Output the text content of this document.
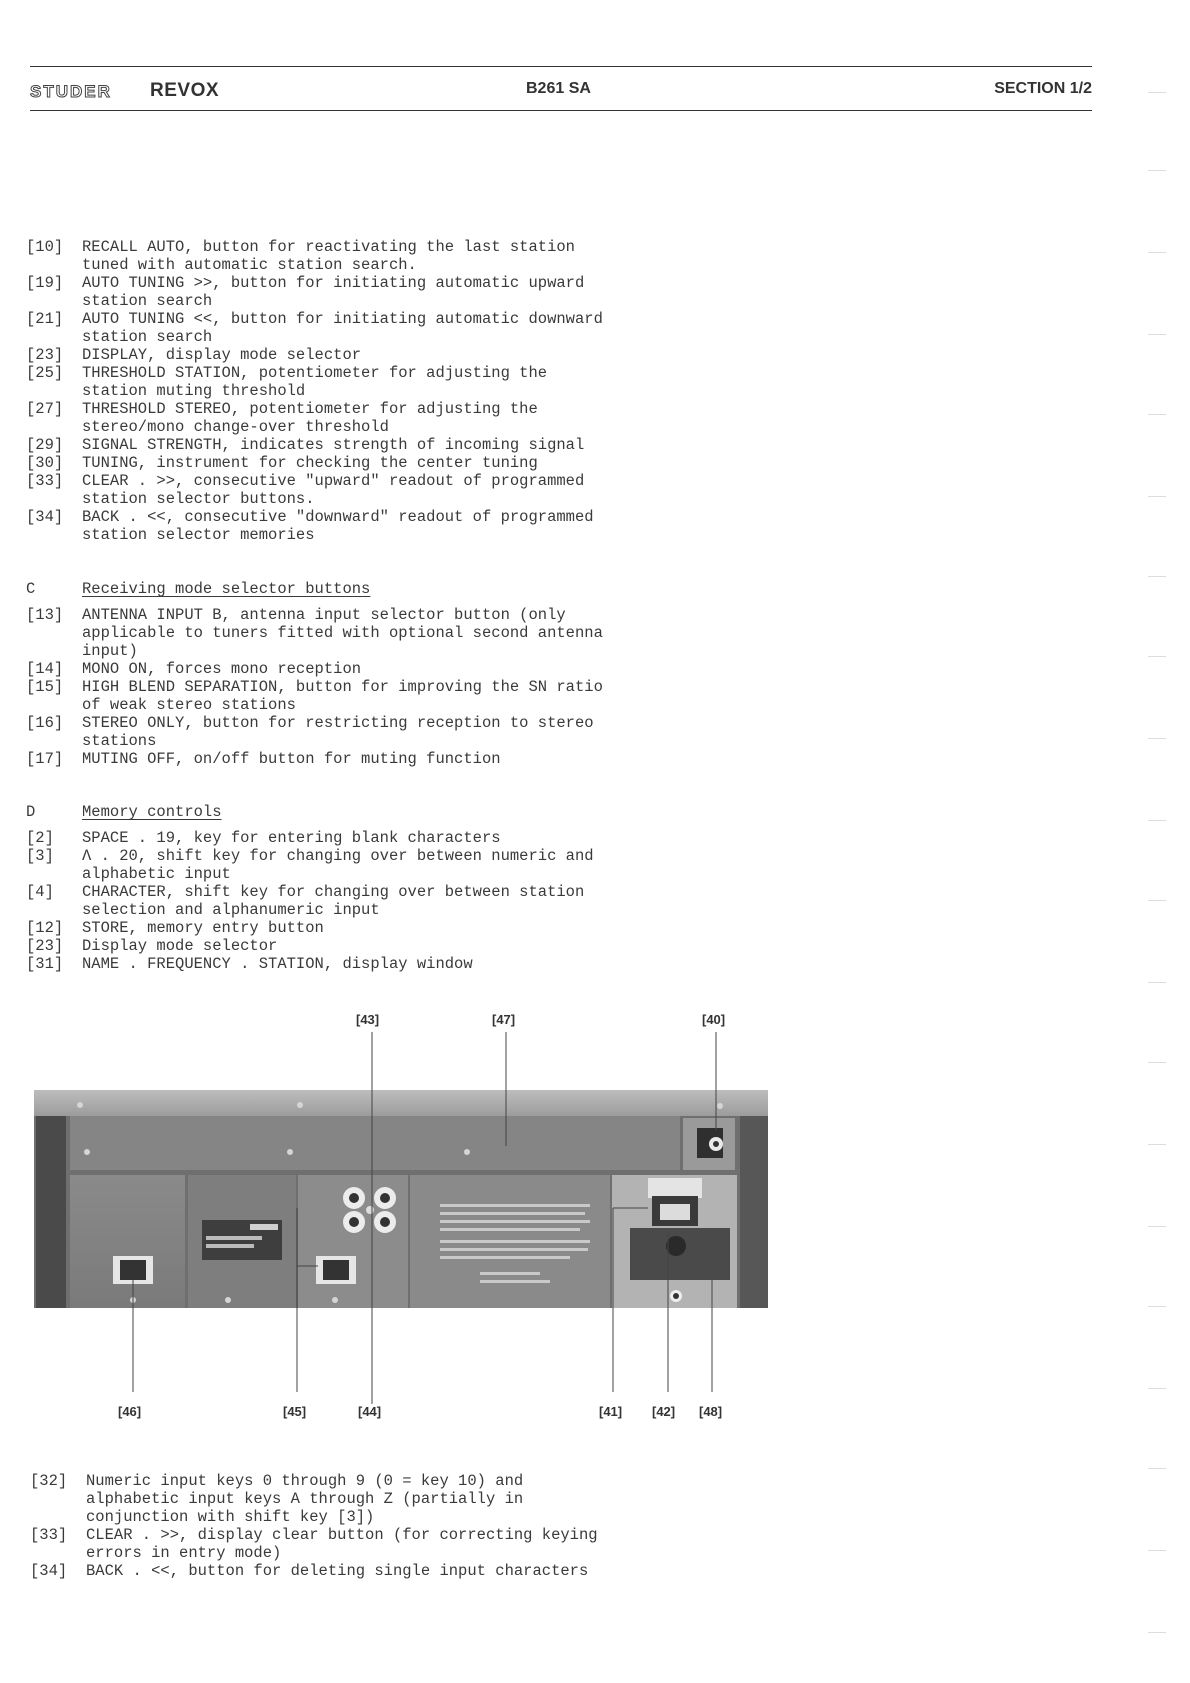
STUDER REVOX	B261 SA	SECTION 1/2
[10]	RECALL AUTO, button for reactivating the last station
tuned with automatic station search.
[19]	AUTO TUNING >>, button for initiating automatic upward
station search
[21]	AUTO TUNING <<, button for initiating automatic downward
station search
[23]	DISPLAY, display mode selector
[25]	THRESHOLD STATION, potentiometer for adjusting the
station muting threshold
[27]	THRESHOLD STEREO, potentiometer for adjusting the
stereo/mono change-over threshold
[29]	SIGNAL STRENGTH, indicates strength of incoming signal
[30]	TUNING, instrument for checking the center tuning
[33]	CLEAR . >>, consecutive "upward" readout of programmed
station selector buttons.
[34]	BACK . <<, consecutive "downward" readout of programmed
station selector memories
C	Receiving mode selector buttons
[13]	ANTENNA INPUT B, antenna input selector button (only
applicable to tuners fitted with optional second antenna
input)
[14]	MONO ON, forces mono reception
[15]	HIGH BLEND SEPARATION, button for improving the SN ratio
of weak stereo stations
[16]	STEREO ONLY, button for restricting reception to stereo
stations
[17]	MUTING OFF, on/off button for muting function
D	Memory controls
[2]	SPACE . 19, key for entering blank characters
[3]	Λ . 20, shift key for changing over between numeric and
alphabetic input
[4]	CHARACTER, shift key for changing over between station
selection and alphanumeric input
[12]	STORE, memory entry button
[23]	Display mode selector
[31]	NAME . FREQUENCY . STATION, display window
[43]	[47]	[40]
[46]	[45]	[44]	[41] [42] [48]
[32]	Numeric input keys 0 through 9 (0 = key 10) and
alphabetic input keys A through Z (partially in
conjunction with shift key [3])
[33]	CLEAR . >>, display clear button (for correcting keying
errors in entry mode)
[34]	BACK . <<, button for deleting single input characters
